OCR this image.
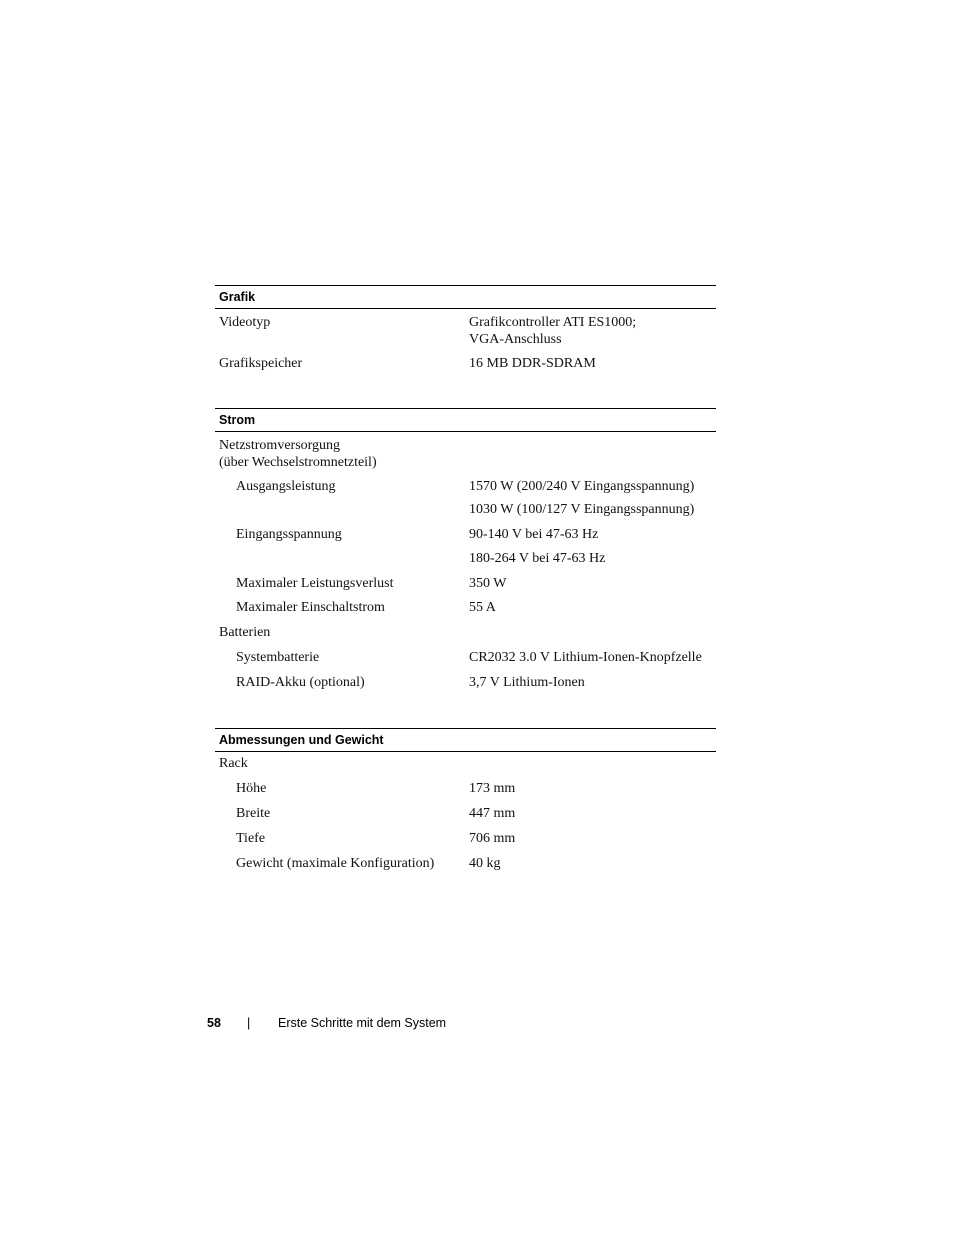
Grafik
Videotyp	Grafikcontroller ATI ES1000;
VGA-Anschluss
Grafikspeicher	16 MB DDR-SDRAM
Strom
Netzstromversorgung
(über Wechselstromnetzteil)
Ausgangsleistung	1570 W (200/240 V Eingangsspannung)
1030 W (100/127 V Eingangsspannung)
Eingangsspannung	90-140 V bei 47-63 Hz
180-264 V bei 47-63 Hz
Maximaler Leistungsverlust	350 W
Maximaler Einschaltstrom	55 A
Batterien
Systembatterie	CR2032 3.0 V Lithium-Ionen-Knopfzelle
RAID-Akku (optional)	3,7 V Lithium-Ionen
Abmessungen und Gewicht
Rack
Höhe	173 mm
Breite	447 mm
Tiefe	706 mm
Gewicht (maximale Konfiguration) 40 kg
58 | Erste Schritte mit dem System
